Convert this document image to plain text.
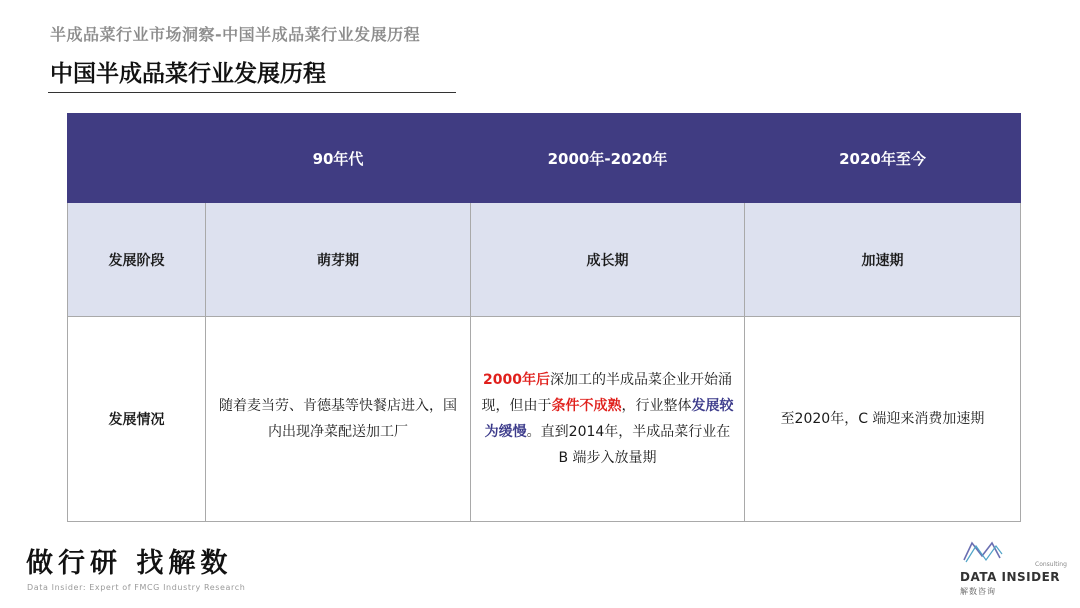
半成品菜行业市场洞察-中国半成品菜行业发展历程
中国半成品菜行业发展历程
	90年代	2000年-2020年	2020年至今
发展阶段	萌芽期	成长期	加速期
发展情况	随着麦当劳、肯德基等快餐店进入，国内出现净菜配送加工厂	2000年后深加工的半成品菜企业开始涌现，但由于条件不成熟，行业整体发展较为缓慢。直到2014年，半成品菜行业在B 端步入放量期	至2020年，C 端迎来消费加速期
做行研 找解数
Data Insider: Expert of FMCG Industry Research
Consulting
DATA INSIDER
解数咨询
